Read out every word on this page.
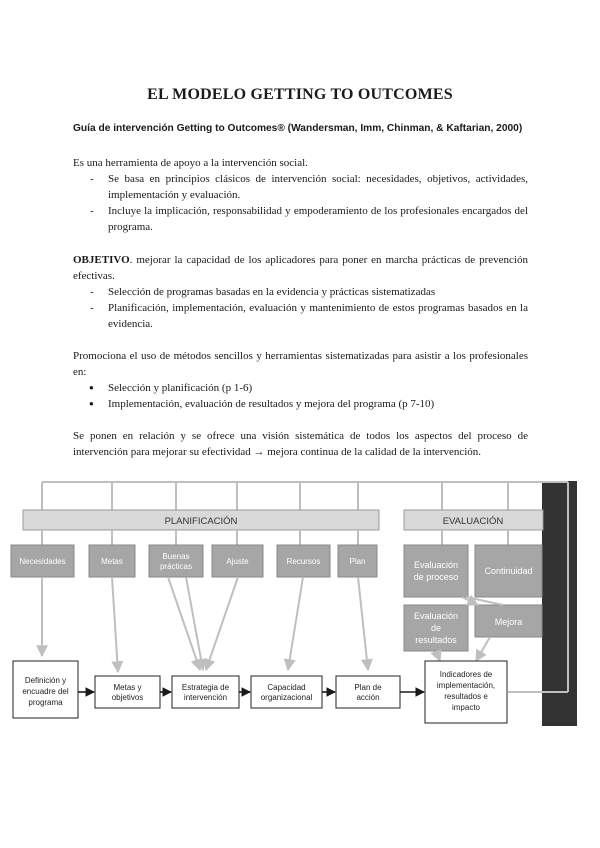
EL MODELO GETTING TO OUTCOMES

Guía de intervención Getting to Outcomes® (Wandersman, Imm, Chinman, & Kaftarian, 2000)

Es una herramienta de apoyo a la intervención social.

- Se basa en principios clásicos de intervención social: necesidades, objetivos, actividades, implementación y evaluación.
- Incluye la implicación, responsabilidad y empoderamiento de los profesionales encargados del programa.

OBJETIVO. mejorar la capacidad de los aplicadores para poner en marcha prácticas de prevención efectivas.

- Selección de programas basadas en la evidencia y prácticas sistematizadas
- Planificación, implementación, evaluación y mantenimiento de estos programas basados en la evidencia.

Promociona el uso de métodos sencillos y herramientas sistematizadas para asistir a los profesionales en:

● Selección y planificación (p 1-6)
● Implementación, evaluación de resultados y mejora del programa (p 7-10)

Se ponen en relación y se ofrece una visión sistemática de todos los aspectos del proceso de intervención para mejorar su efectividad → mejora continua de la calidad de la intervención.

PLANIFICACIÓN	EVALUACIÓN
Necesidades	Metas
Buenas
prácticas
Ajuste	Recursos	Plan	Evaluación
de proceso
Continuidad
Evaluación
de
resultados
Mejora
Definición y
encuadre del
programa
Metas y
objetivos
Estrategia de
intervención
Capacidad
organizacional
Plan de
acción
Indicadores de
implementación,
resultados e
impacto
